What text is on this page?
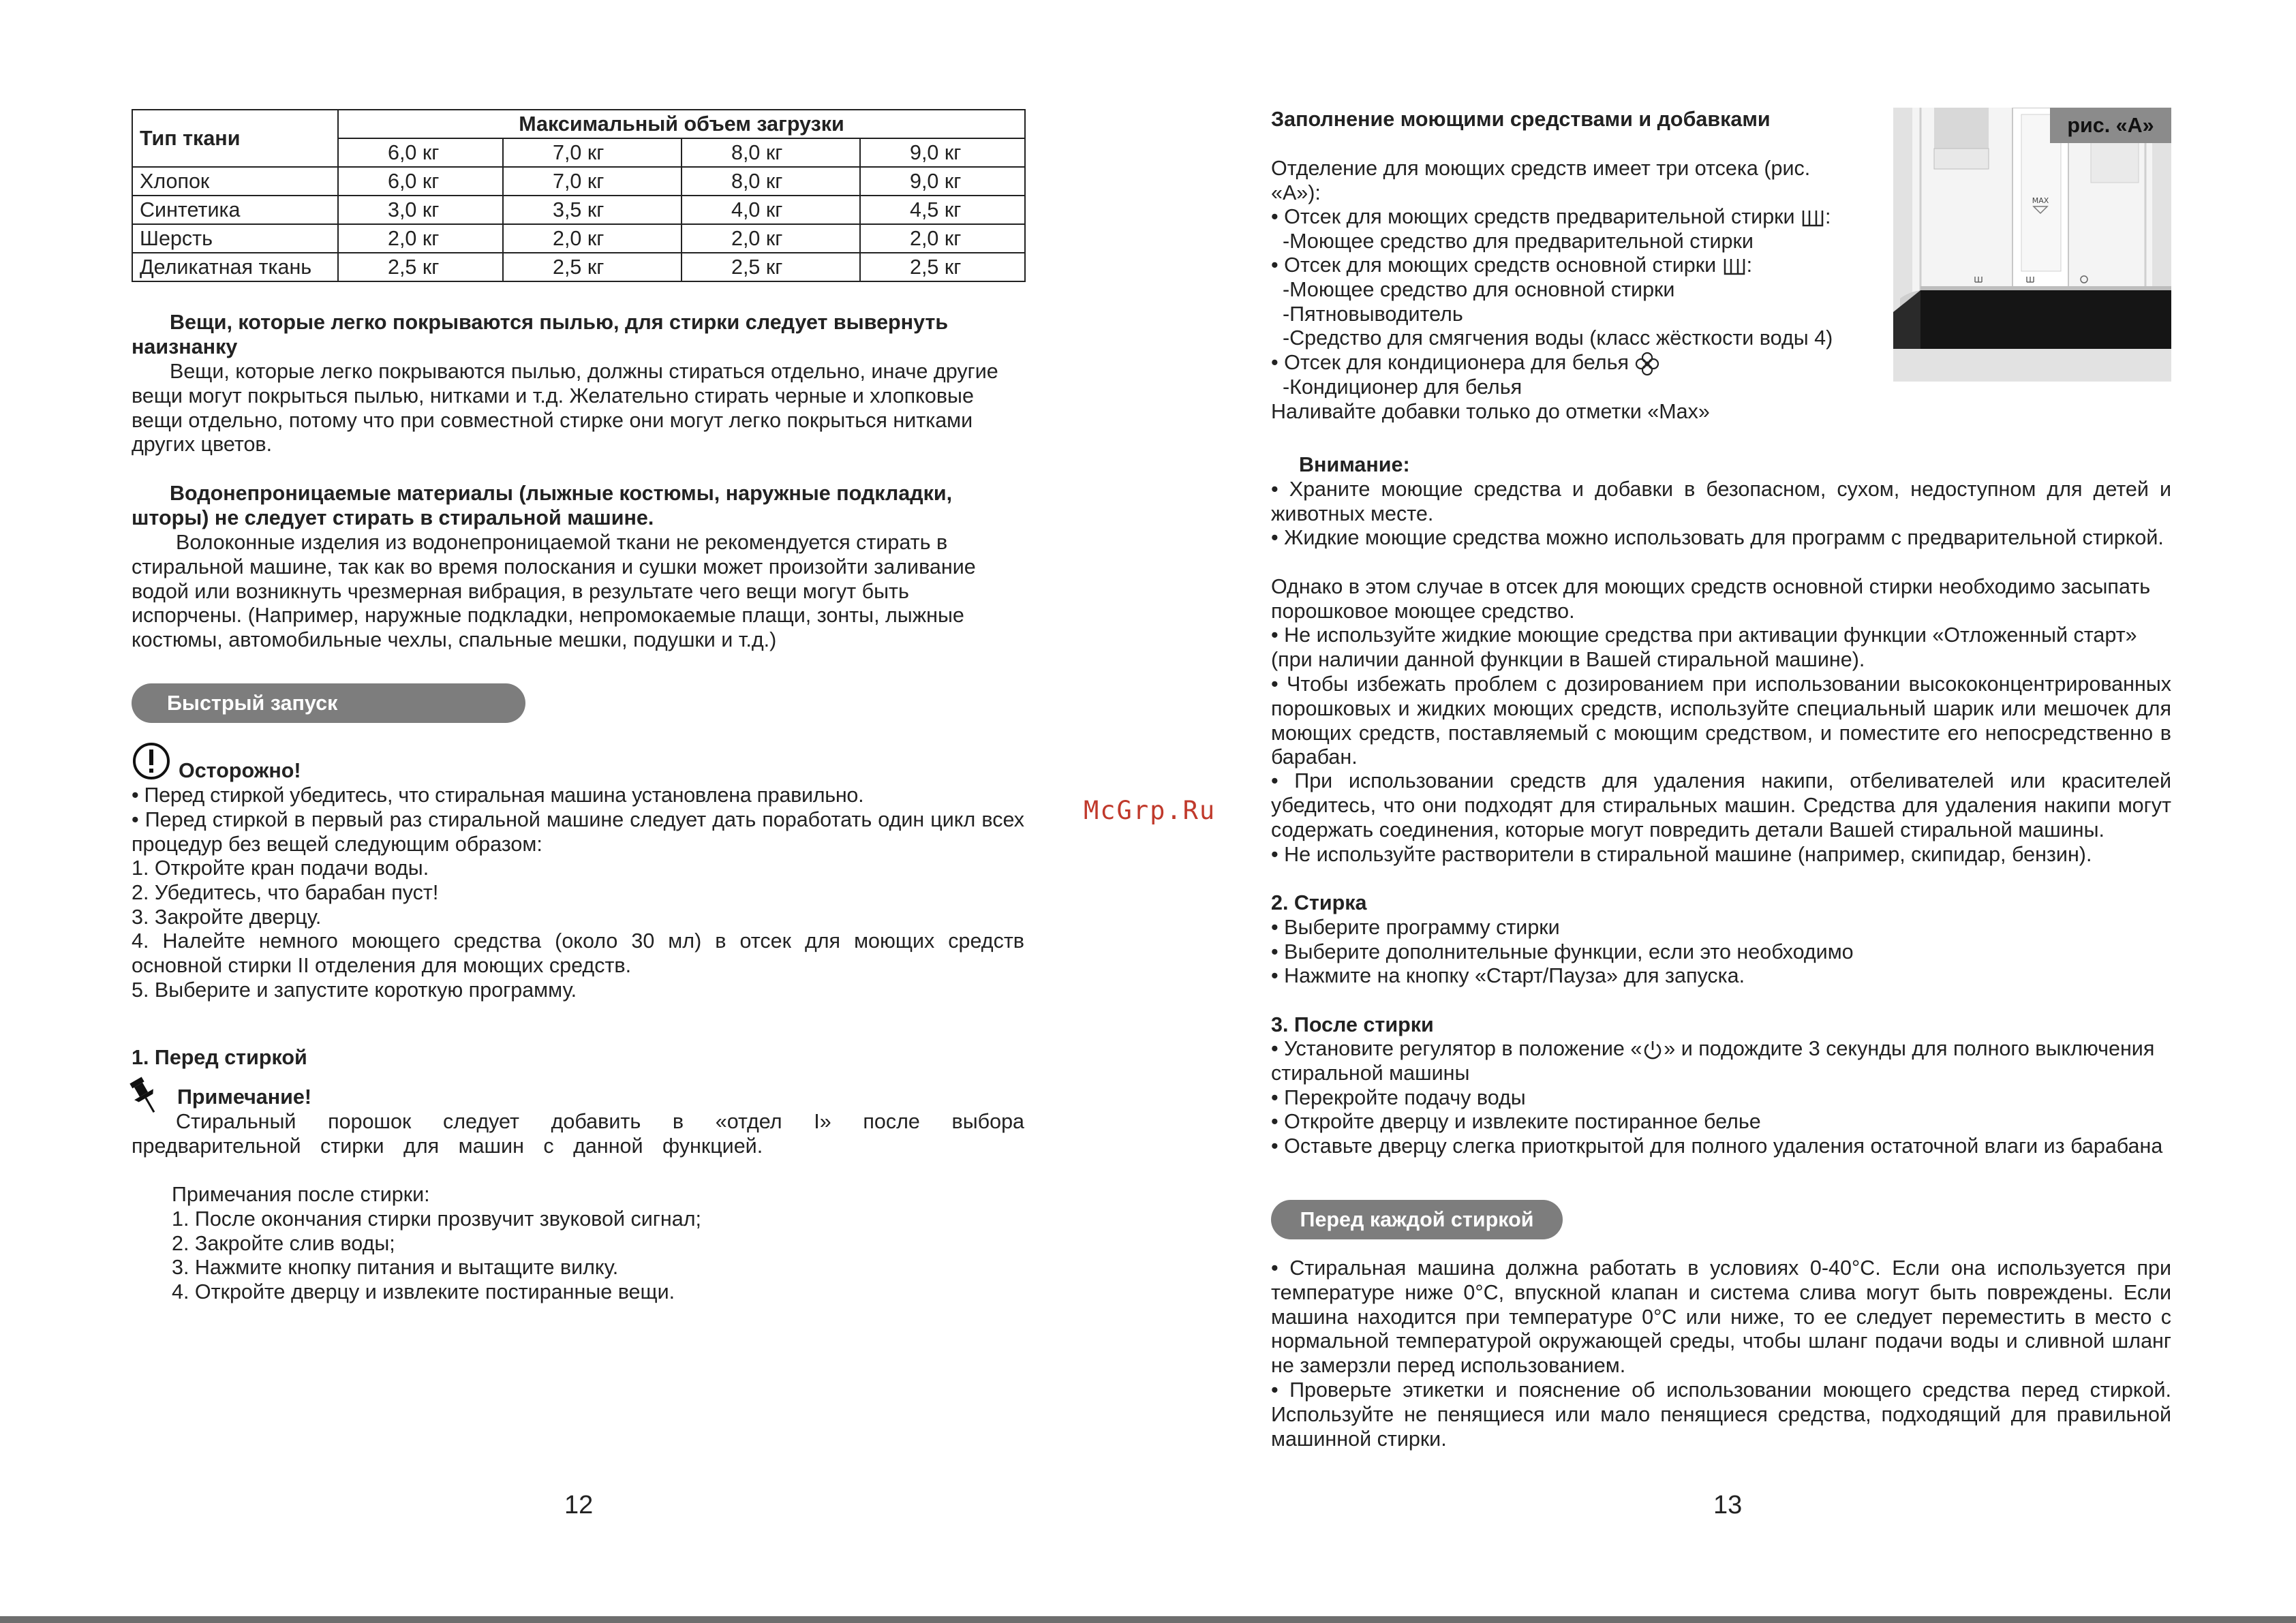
Тип ткани	Максимальный объем загрузки			
	6,0 кг	7,0 кг	8,0 кг	9,0 кг
Хлопок	6,0 кг	7,0 кг	8,0 кг	9,0 кг
Синтетика	3,0 кг	3,5 кг	4,0 кг	4,5 кг
Шерсть	2,0 кг	2,0 кг	2,0 кг	2,0 кг
Деликатная ткань	2,5 кг	2,5 кг	2,5 кг	2,5 кг
Вещи, которые легко покрываются пылью, для стирки следует вывернуть наизнанку
Вещи, которые легко покрываются пылью, должны стираться отдельно, иначе другие вещи могут покрыться пылью, нитками и т.д. Желательно стирать черные и хлопковые вещи отдельно, потому что при совместной стирке они могут легко покрыться нитками других цветов.
Водонепроницаемые материалы (лыжные костюмы, наружные подкладки, шторы) не следует стирать в стиральной машине.
Волоконные изделия из водонепроницаемой ткани не рекомендуется стирать в стиральной машине, так как во время полоскания и сушки может произойти заливание водой или возникнуть чрезмерная вибрация, в результате чего вещи могут быть испорчены. (Например, наружные подкладки, непромокаемые плащи, зонты, лыжные костюмы, автомобильные чехлы, спальные мешки, подушки и т.д.)
Быстрый запуск
Осторожно!
• Перед стиркой убедитесь, что стиральная машина установлена правильно.
• Перед стиркой в первый раз стиральной машине следует дать поработать один цикл всех процедур без вещей следующим образом:
1. Откройте кран подачи воды.
2. Убедитесь, что барабан пуст!
3. Закройте дверцу.
4. Налейте немного моющего средства (около 30 мл) в отсек для моющих средств основной стирки II отделения для моющих средств.
5. Выберите и запустите короткую программу.
1. Перед стиркой
Примечание!
Стиральный порошок следует добавить в «отдел I» после выбора предварительной стирки для машин с данной функцией.
Примечания после стирки:
1. После окончания стирки прозвучит звуковой сигнал;
2. Закройте слив воды;
3. Нажмите кнопку питания и вытащите вилку.
4. Откройте дверцу и извлеките постиранные вещи.
12
McGrp.Ru
Заполнение моющими средствами и добавками
Отделение для моющих средств имеет три отсека (рис. «А»):
• Отсек для моющих средств предварительной стирки :
-Моющее средство для предварительной стирки
• Отсек для моющих средств основной стирки :
-Моющее средство для основной стирки
-Пятновыводитель
-Средство для смягчения воды (класс жёсткости воды 4)
• Отсек для кондиционера для белья
-Кондиционер для белья
Наливайте добавки только до отметки «Max»
MAX
рис. «А»
Внимание:
• Храните моющие средства и добавки в безопасном, сухом, недоступном для детей и животных месте.
• Жидкие моющие средства можно использовать для программ с предварительной стиркой.
Однако в этом случае в отсек для моющих средств основной стирки необходимо засыпать порошковое моющее средство.
• Не используйте жидкие моющие средства при активации функции «Отложенный старт» (при наличии данной функции в Вашей стиральной машине).
• Чтобы избежать проблем с дозированием при использовании высококонцентрированных порошковых и жидких моющих средств, используйте специальный шарик или мешочек для моющих средств, поставляемый с моющим средством, и поместите его непосредственно в барабан.
• При использовании средств для удаления накипи, отбеливателей или красителей убедитесь, что они подходят для стиральных машин. Средства для удаления накипи могут содержать соединения, которые могут повредить детали Вашей стиральной машины.
• Не используйте растворители в стиральной машине (например, скипидар, бензин).
2. Стирка
• Выберите программу стирки
• Выберите дополнительные функции, если это необходимо
• Нажмите на кнопку «Старт/Пауза» для запуска.
3. После стирки
• Установите регулятор в положение « » и подождите 3 секунды для полного выключения стиральной машины
• Перекройте подачу воды
• Откройте дверцу и извлеките постиранное белье
• Оставьте дверцу слегка приоткрытой для полного удаления остаточной влаги из барабана
Перед каждой стиркой
• Стиральная машина должна работать в условиях 0-40°С. Если она используется при температуре ниже 0°С, впускной клапан и система слива могут быть повреждены. Если машина находится при температуре 0°С или ниже, то ее следует переместить в место с нормальной температурой окружающей среды, чтобы шланг подачи воды и сливной шланг не замерзли перед использованием.
• Проверьте этикетки и пояснение об использовании моющего средства перед стиркой. Используйте не пенящиеся или мало пенящиеся средства, подходящий для правильной машинной стирки.
13
